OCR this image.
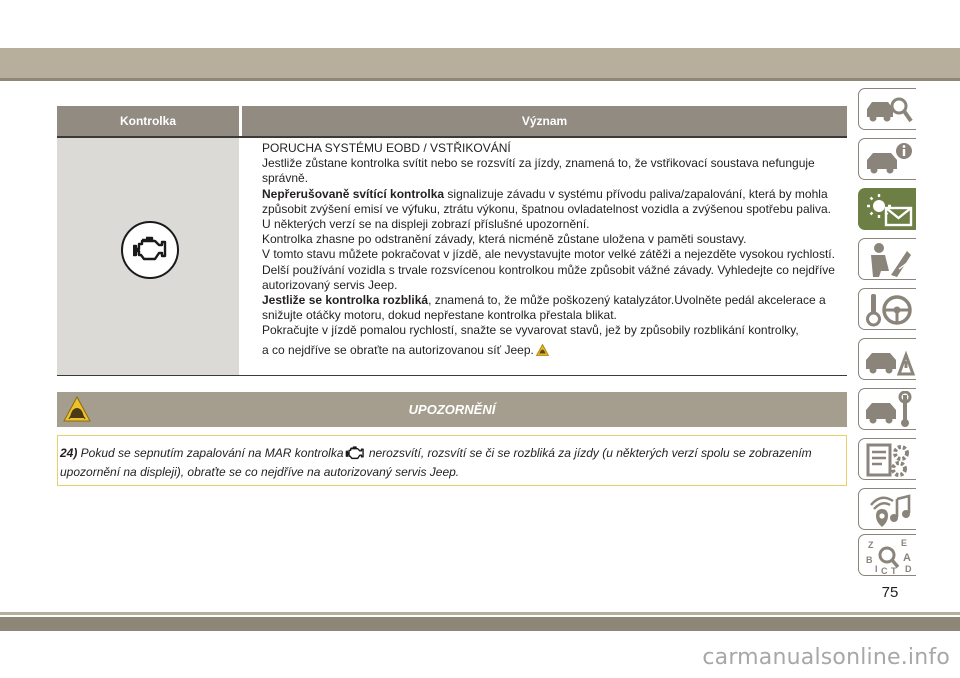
Kontrolka	Význam

PORUCHA SYSTÉMU EOBD / VSTŘIKOVÁNÍ

Jestliže zůstane kontrolka svítit nebo se rozsvítí za jízdy, znamená to, že vstřikovací soustava nefunguje správně.

Nepřerušovaně svítící kontrolka signalizuje závadu v systému přívodu paliva/zapalování, která by mohla způsobit zvýšení emisí ve výfuku, ztrátu výkonu, špatnou ovladatelnost vozidla a zvýšenou spotřebu paliva.

U některých verzí se na displeji zobrazí příslušné upozornění.

Kontrolka zhasne po odstranění závady, která nicméně zůstane uložena v paměti soustavy.

V tomto stavu můžete pokračovat v jízdě, ale nevystavujte motor velké zátěži a nejezděte vysokou rychlostí. Delší používání vozidla s trvale rozsvícenou kontrolkou může způsobit vážné závady. Vyhledejte co nejdříve autorizovaný servis Jeep.

Jestliže se kontrolka rozbliká, znamená to, že může poškozený katalyzátor.Uvolněte pedál akcelerace a snižujte otáčky motoru, dokud nepřestane kontrolka přestala blikat.

Pokračujte v jízdě pomalou rychlostí, snažte se vyvarovat stavů, jež by způsobily rozblikání kontrolky,

a co nejdříve se obraťte na autorizovanou síť Jeep.

UPOZORNĚNÍ
24) Pokud se sepnutím zapalování na MAR kontrolka nerozsvítí, rozsvítí se či se rozbliká za jízdy (u některých verzí spolu se zobrazením upozornění na displeji), obraťte se co nejdříve na autorizovaný servis Jeep.
Z	E
B	A
I C T D
75
carmanualsonline.info
